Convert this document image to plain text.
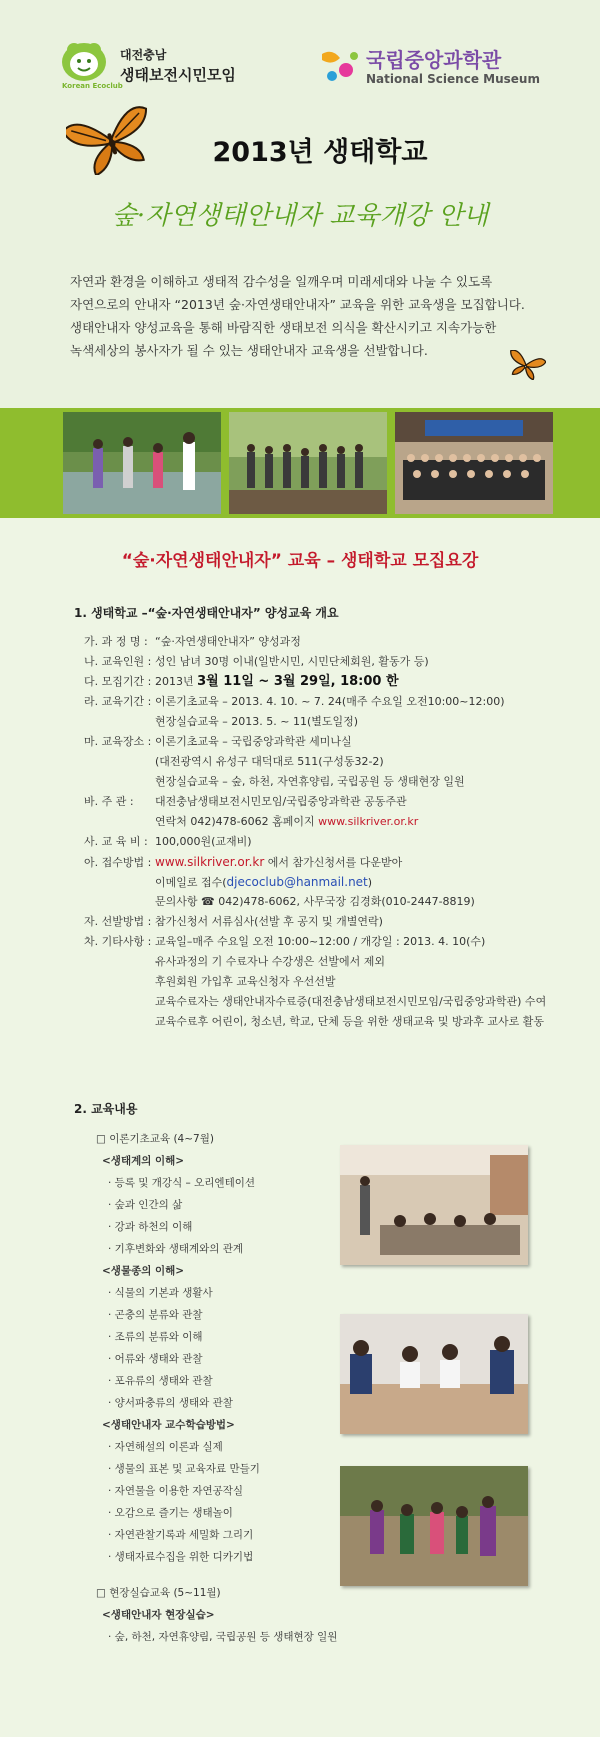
Korean Ecoclub
대전충남
생태보전시민모임
국립중앙과학관
National Science Museum
2013년 생태학교
숲·자연생태안내자 교육개강 안내

자연과 환경을 이해하고 생태적 감수성을 일깨우며 미래세대와 나눌 수 있도록

자연으로의 안내자 “2013년 숲·자연생태안내자” 교육을 위한 교육생을 모집합니다.

생태안내자 양성교육을 통해 바람직한 생태보전 의식을 확산시키고 지속가능한

녹색세상의 봉사자가 될 수 있는 생태안내자 교육생을 선발합니다.

“숲·자연생태안내자” 교육 – 생태학교 모집요강
1. 생태학교 –“숲·자연생태안내자” 양성교육 개요
가. 과 정 명 :“숲·자연생태안내자” 양성과정
나. 교육인원 :성인 남녀 30명 이내(일반시민, 시민단체회원, 활동가 등)
다. 모집기간 :2013년 3월 11일 ~ 3월 29일, 18:00 한
라. 교육기간 :이론기초교육 – 2013. 4. 10. ~ 7. 24(매주 수요일 오전10:00~12:00)
현장실습교육 – 2013. 5. ~ 11(별도일정)
마. 교육장소 :이론기초교육 – 국립중앙과학관 세미나실
(대전광역시 유성구 대덕대로 511(구성동32-2)
현장실습교육 – 숲, 하천, 자연휴양림, 국립공원 등 생태현장 일원
바. 주 관 :대전충남생태보전시민모임/국립중앙과학관 공동주관
연락처 042)478-6062 홈페이지 www.silkriver.or.kr
사. 교 육 비 :100,000원(교재비)
아. 접수방법 : www.silkriver.or.kr 에서 참가신청서를 다운받아
이메일로 접수(djecoclub@hanmail.net)
문의사항 ☎ 042)478-6062, 사무국장 김경화(010-2447-8819)
자. 선발방법 :참가신청서 서류심사(선발 후 공지 및 개별연락)
차. 기타사항 :교육일–매주 수요일 오전 10:00~12:00 / 개강일 : 2013. 4. 10(수)
유사과정의 기 수료자나 수강생은 선발에서 제외
후원회원 가입후 교육신청자 우선선발
교육수료자는 생태안내자수료증(대전충남생태보전시민모임/국립중앙과학관) 수여
교육수료후 어린이, 청소년, 학교, 단체 등을 위한 생태교육 및 방과후 교사로 활동
2. 교육내용
□ 이론기초교육 (4~7월)
<생태계의 이해>
· 등록 및 개강식 – 오리엔테이션
· 숲과 인간의 삶
· 강과 하천의 이해
· 기후변화와 생태계와의 관계
<생물종의 이해>
· 식물의 기본과 생활사
· 곤충의 분류와 관찰
· 조류의 분류와 이해
· 어류와 생태와 관찰
· 포유류의 생태와 관찰
· 양서파충류의 생태와 관찰
<생태안내자 교수학습방법>
· 자연해설의 이론과 실제
· 생물의 표본 및 교육자료 만들기
· 자연물을 이용한 자연공작실
· 오감으로 즐기는 생태놀이
· 자연관찰기록과 세밀화 그리기
· 생태자료수집을 위한 디카기법
□ 현장실습교육 (5~11월)
<생태안내자 현장실습>
· 숲, 하천, 자연휴양림, 국립공원 등 생태현장 일원
